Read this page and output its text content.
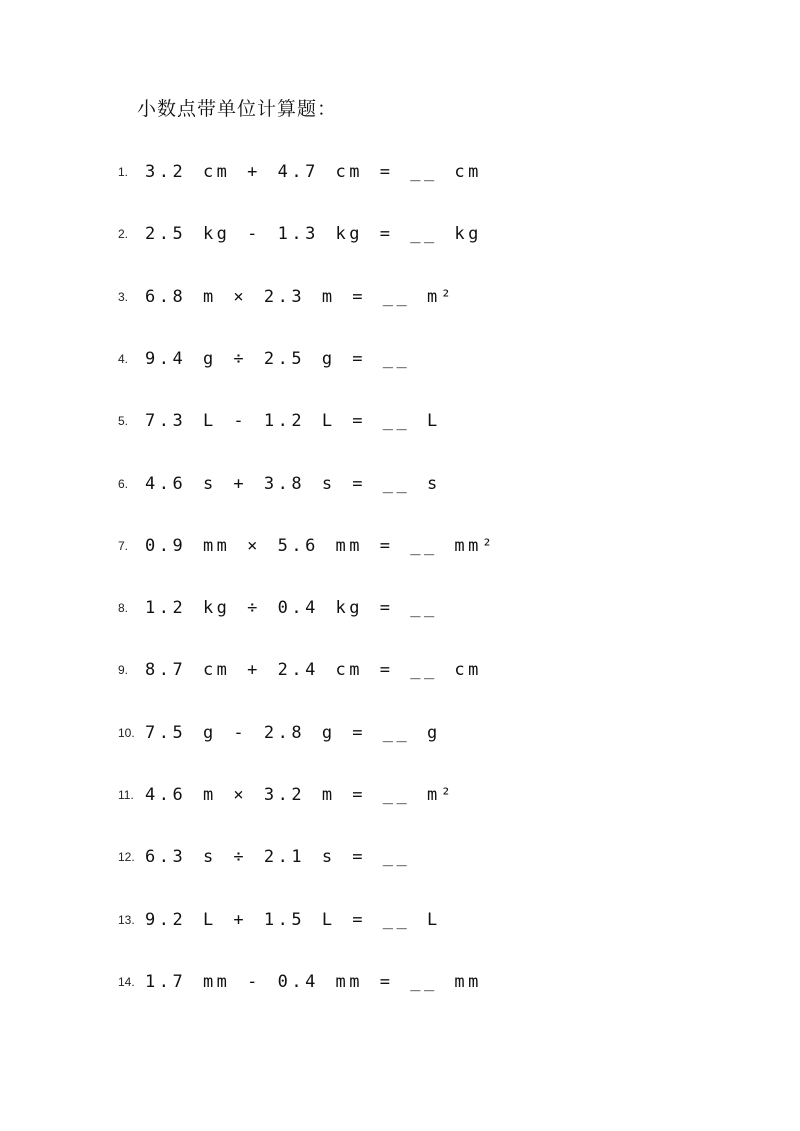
小数点带单位计算题：
1. 3.2 cm + 4.7 cm = __ cm
2. 2.5 kg - 1.3 kg = __ kg
3. 6.8 m × 2.3 m = __ m²
4. 9.4 g ÷ 2.5 g = __
5. 7.3 L - 1.2 L = __ L
6. 4.6 s + 3.8 s = __ s
7. 0.9 mm × 5.6 mm = __ mm²
8. 1.2 kg ÷ 0.4 kg = __
9. 8.7 cm + 2.4 cm = __ cm
10. 7.5 g - 2.8 g = __ g
11. 4.6 m × 3.2 m = __ m²
12. 6.3 s ÷ 2.1 s = __
13. 9.2 L + 1.5 L = __ L
14. 1.7 mm - 0.4 mm = __ mm
